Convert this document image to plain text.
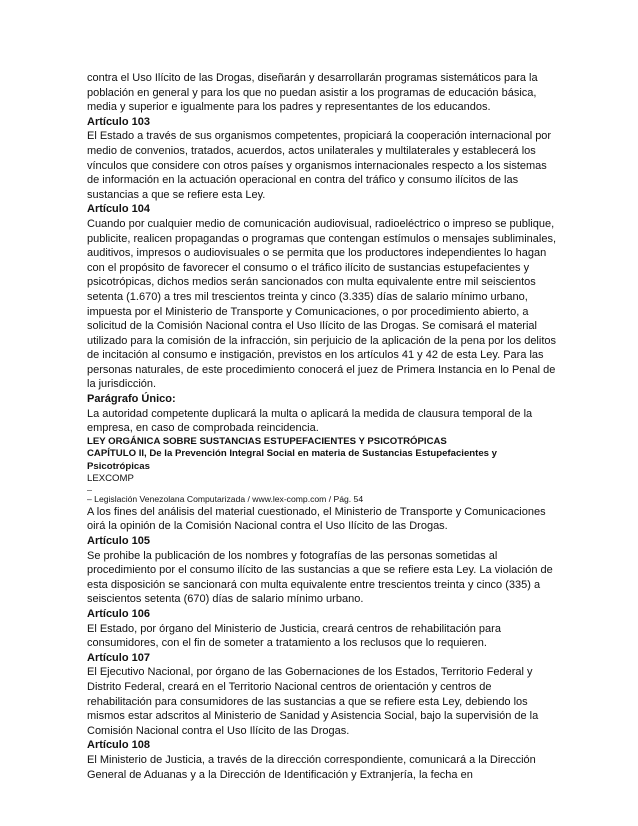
contra el Uso Ilícito de las Drogas, diseñarán y desarrollarán programas sistemáticos para la población en general y para los que no puedan asistir a los programas de educación básica, media y superior e igualmente para los padres y representantes de los educandos.

Artículo 103

El Estado a través de sus organismos competentes, propiciará la cooperación internacional por medio de convenios, tratados, acuerdos, actos unilaterales y multilaterales y establecerá los vínculos que considere con otros países y organismos internacionales respecto a los sistemas de información en la actuación operacional en contra del tráfico y consumo ilícitos de las sustancias a que se refiere esta Ley.

Artículo 104

Cuando por cualquier medio de comunicación audiovisual, radioeléctrico o impreso se publique, publicite, realicen propagandas o programas que contengan estímulos o mensajes subliminales, auditivos, impresos o audiovisuales o se permita que los productores independientes lo hagan con el propósito de favorecer el consumo o el tráfico ilícito de sustancias estupefacientes y psicotrópicas, dichos medios serán sancionados con multa equivalente entre mil seiscientos setenta (1.670) a tres mil trescientos treinta y cinco (3.335) días de salario mínimo urbano, impuesta por el Ministerio de Transporte y Comunicaciones, o por procedimiento abierto, a solicitud de la Comisión Nacional contra el Uso Ilícito de las Drogas. Se comisará el material utilizado para la comisión de la infracción, sin perjuicio de la aplicación de la pena por los delitos de incitación al consumo e instigación, previstos en los artículos 41 y 42 de esta Ley. Para las personas naturales, de este procedimiento conocerá el juez de Primera Instancia en lo Penal de la jurisdicción.

Parágrafo Único:

La autoridad competente duplicará la multa o aplicará la medida de clausura temporal de la empresa, en caso de comprobada reincidencia.

LEY ORGÁNICA SOBRE SUSTANCIAS ESTUPEFACIENTES Y PSICOTRÓPICAS
CAPÍTULO II, De la Prevención Integral Social en materia de Sustancias Estupefacientes y Psicotrópicas
LEXCOMP
– Legislación Venezolana Computarizada / www.lex-comp.com / Pág. 54

A los fines del análisis del material cuestionado, el Ministerio de Transporte y Comunicaciones oirá la opinión de la Comisión Nacional contra el Uso Ilícito de las Drogas.

Artículo 105

Se prohibe la publicación de los nombres y fotografías de las personas sometidas al procedimiento por el consumo ilícito de las sustancias a que se refiere esta Ley. La violación de esta disposición se sancionará con multa equivalente entre trescientos treinta y cinco (335) a seiscientos setenta (670) días de salario mínimo urbano.

Artículo 106

El Estado, por órgano del Ministerio de Justicia, creará centros de rehabilitación para consumidores, con el fin de someter a tratamiento a los reclusos que lo requieren.

Artículo 107

El Ejecutivo Nacional, por órgano de las Gobernaciones de los Estados, Territorio Federal y Distrito Federal, creará en el Territorio Nacional centros de orientación y centros de rehabilitación para consumidores de las sustancias a que se refiere esta Ley, debiendo los mismos estar adscritos al Ministerio de Sanidad y Asistencia Social, bajo la supervisión de la Comisión Nacional contra el Uso Ilícito de las Drogas.

Artículo 108

El Ministerio de Justicia, a través de la dirección correspondiente, comunicará a la Dirección General de Aduanas y a la Dirección de Identificación y Extranjería, la fecha en
